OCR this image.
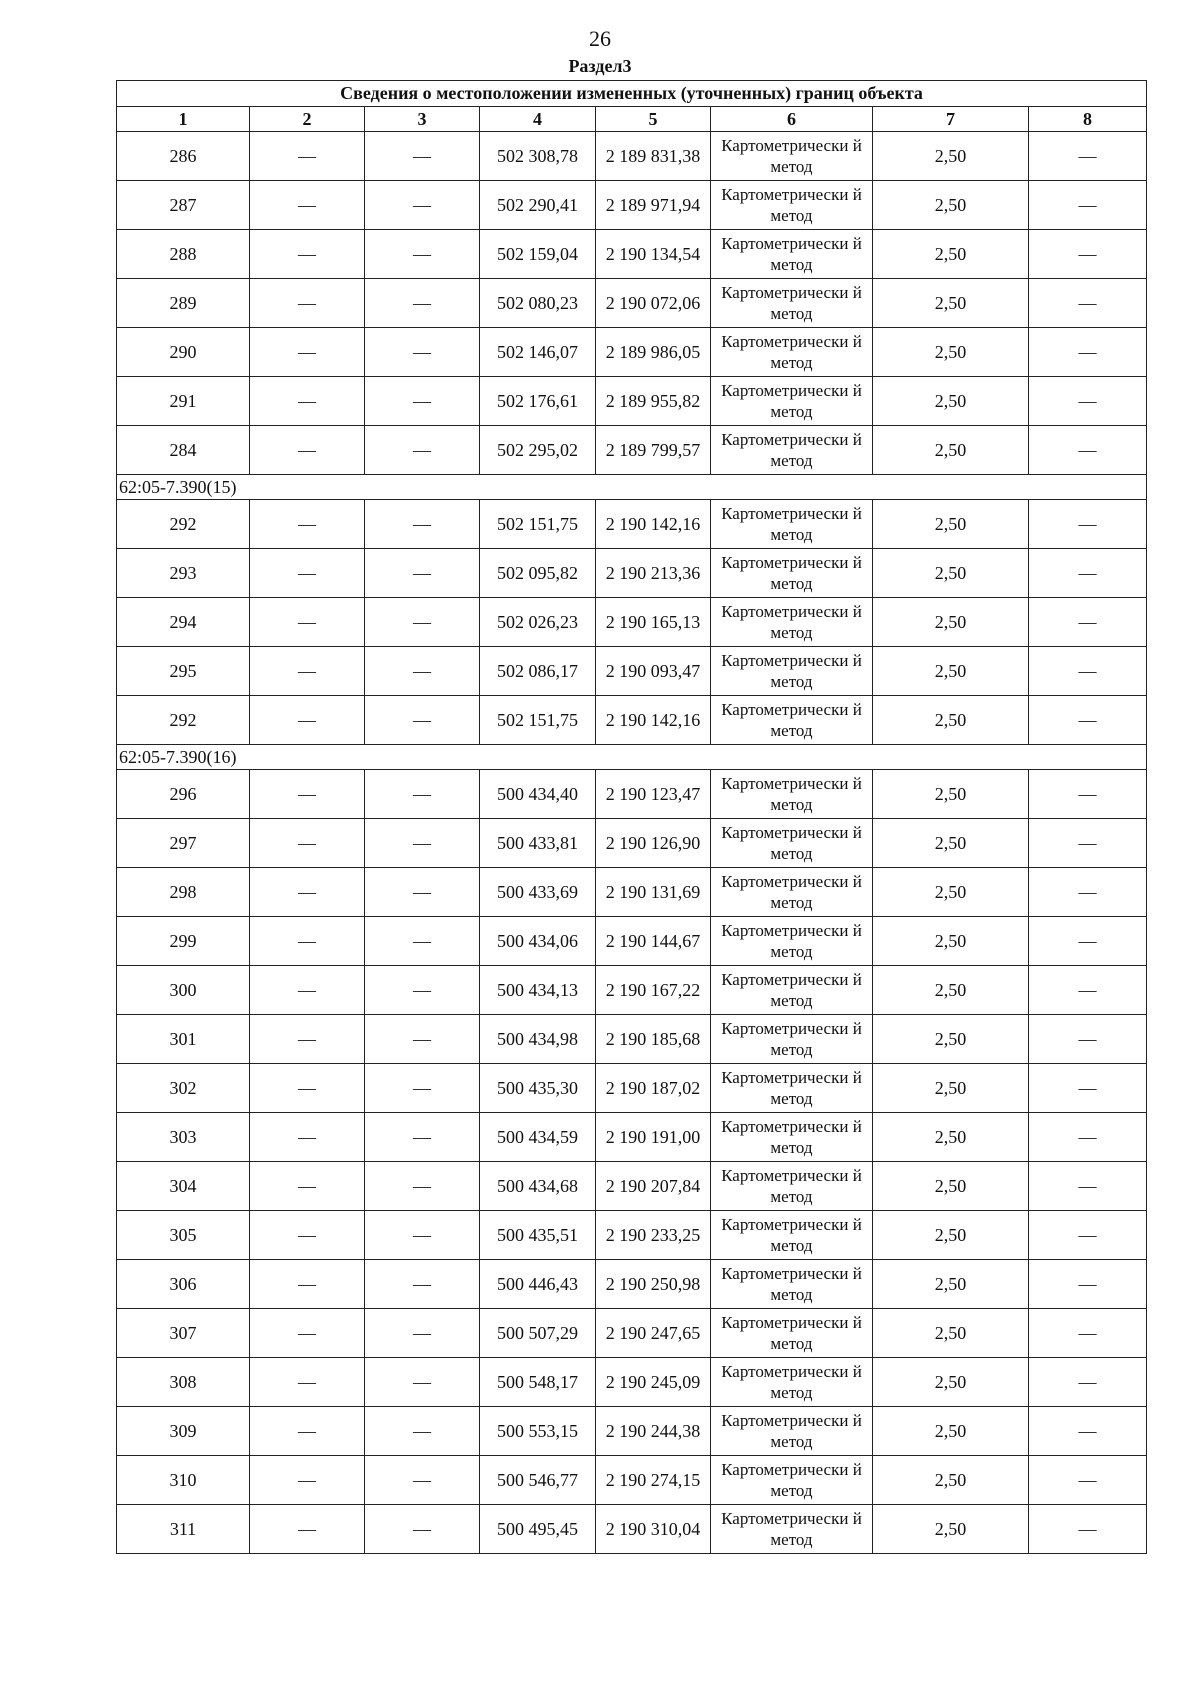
26
Раздел3
Сведения о местоположении измененных (уточненных) границ объекта							
1	2	3	4	5	6	7	8
286	—	—	502 308,78	2 189 831,38	Картометрически й метод	2,50	—
287	—	—	502 290,41	2 189 971,94	Картометрически й метод	2,50	—
288	—	—	502 159,04	2 190 134,54	Картометрически й метод	2,50	—
289	—	—	502 080,23	2 190 072,06	Картометрически й метод	2,50	—
290	—	—	502 146,07	2 189 986,05	Картометрически й метод	2,50	—
291	—	—	502 176,61	2 189 955,82	Картометрически й метод	2,50	—
284	—	—	502 295,02	2 189 799,57	Картометрически й метод	2,50	—
62:05-7.390(15)							
292	—	—	502 151,75	2 190 142,16	Картометрически й метод	2,50	—
293	—	—	502 095,82	2 190 213,36	Картометрически й метод	2,50	—
294	—	—	502 026,23	2 190 165,13	Картометрически й метод	2,50	—
295	—	—	502 086,17	2 190 093,47	Картометрически й метод	2,50	—
292	—	—	502 151,75	2 190 142,16	Картометрически й метод	2,50	—
62:05-7.390(16)							
296	—	—	500 434,40	2 190 123,47	Картометрически й метод	2,50	—
297	—	—	500 433,81	2 190 126,90	Картометрически й метод	2,50	—
298	—	—	500 433,69	2 190 131,69	Картометрически й метод	2,50	—
299	—	—	500 434,06	2 190 144,67	Картометрически й метод	2,50	—
300	—	—	500 434,13	2 190 167,22	Картометрически й метод	2,50	—
301	—	—	500 434,98	2 190 185,68	Картометрически й метод	2,50	—
302	—	—	500 435,30	2 190 187,02	Картометрически й метод	2,50	—
303	—	—	500 434,59	2 190 191,00	Картометрически й метод	2,50	—
304	—	—	500 434,68	2 190 207,84	Картометрически й метод	2,50	—
305	—	—	500 435,51	2 190 233,25	Картометрически й метод	2,50	—
306	—	—	500 446,43	2 190 250,98	Картометрически й метод	2,50	—
307	—	—	500 507,29	2 190 247,65	Картометрически й метод	2,50	—
308	—	—	500 548,17	2 190 245,09	Картометрически й метод	2,50	—
309	—	—	500 553,15	2 190 244,38	Картометрически й метод	2,50	—
310	—	—	500 546,77	2 190 274,15	Картометрически й метод	2,50	—
311	—	—	500 495,45	2 190 310,04	Картометрически й метод	2,50	—
